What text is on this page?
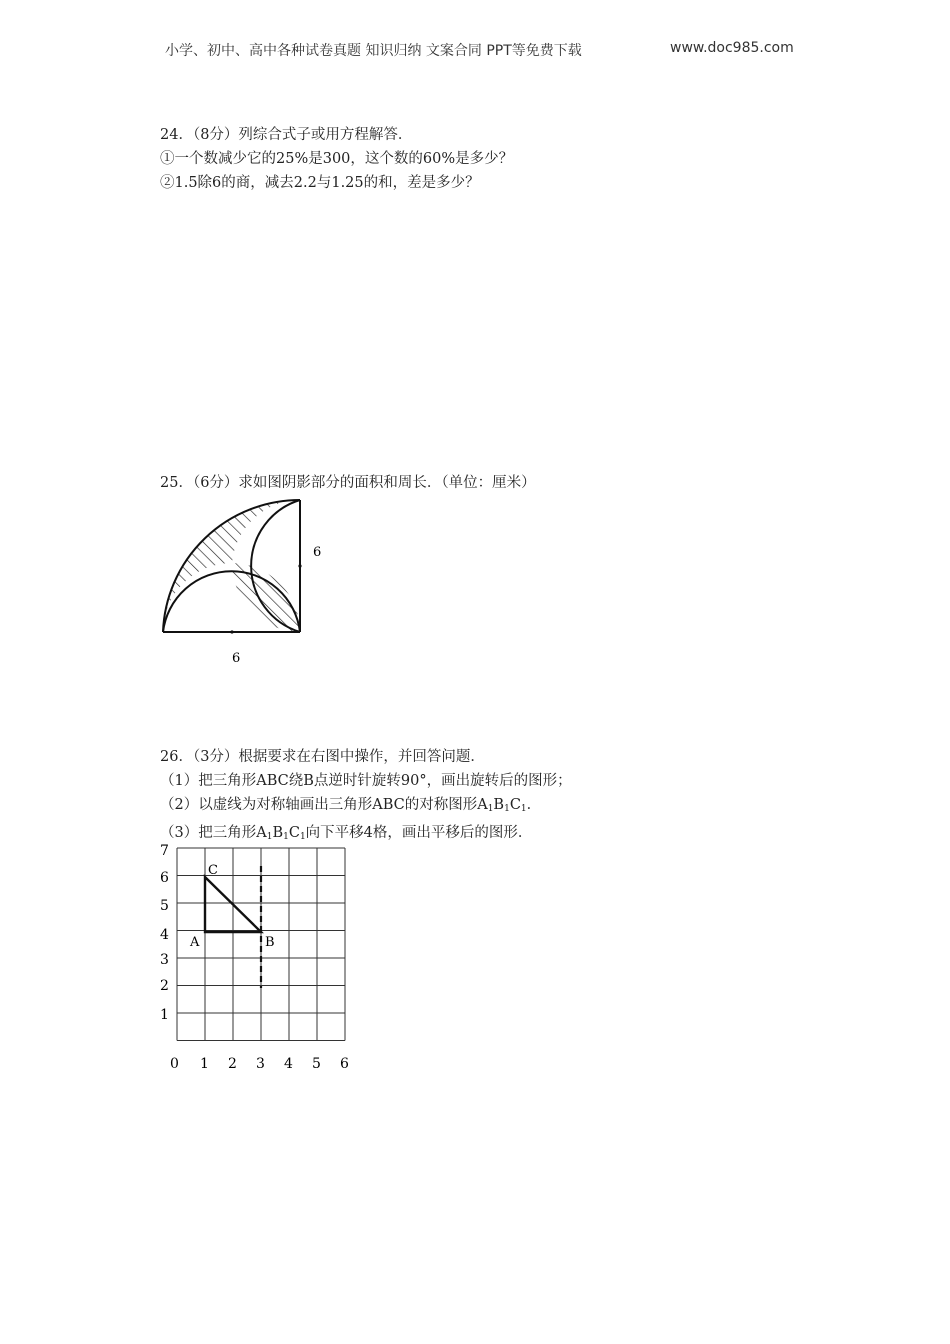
小学、初中、高中各种试卷真题 知识归纳 文案合同 PPT等免费下载	www.doc985.com

24．（8分）列综合式子或用方程解答．

①一个数减少它的25%是300，这个数的60%是多少？

②1.5除6的商，减去2.2与1.25的和，差是多少？

25．（6分）求如图阴影部分的面积和周长．（单位：厘米）

6
6

26．（3分）根据要求在右图中操作，并回答问题．

（1）把三角形ABC绕B点逆时针旋转90°，画出旋转后的图形；

（2）以虚线为对称轴画出三角形ABC的对称图形$A_1B_1C_1$．

（3）把三角形$A_1B_1C_1$向下平移4格，画出平移后的图形．

C
A	B
1
2
3
4
5
6
7
0 1 2 3 4 5 6
